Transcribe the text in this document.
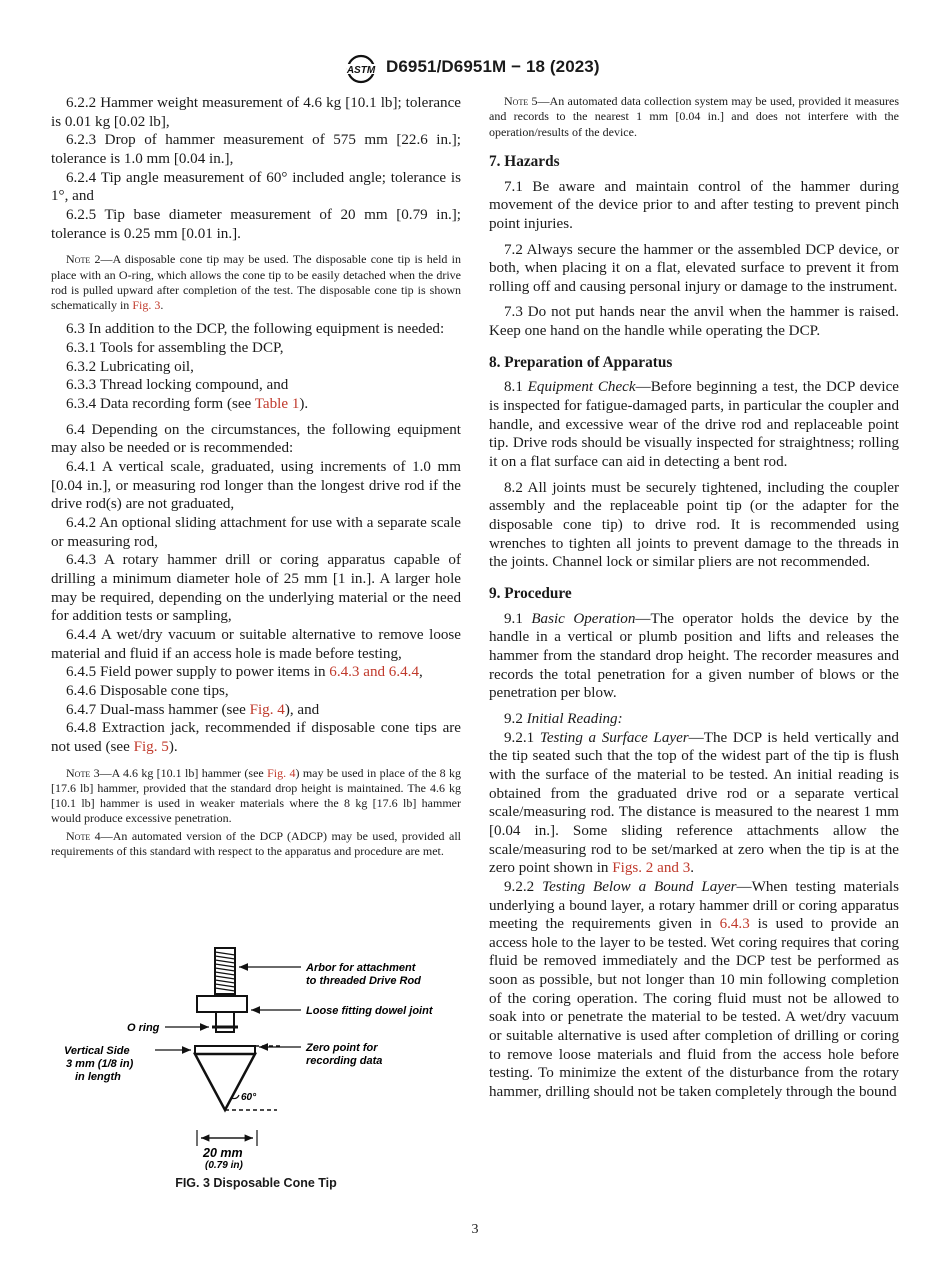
ASTM D6951/D6951M − 18 (2023)

6.2.2 Hammer weight measurement of 4.6 kg [10.1 lb]; tolerance is 0.01 kg [0.02 lb],

6.2.3 Drop of hammer measurement of 575 mm [22.6 in.]; tolerance is 1.0 mm [0.04 in.],

6.2.4 Tip angle measurement of 60° included angle; tolerance is 1°, and

6.2.5 Tip base diameter measurement of 20 mm [0.79 in.]; tolerance is 0.25 mm [0.01 in.].

Note 2—A disposable cone tip may be used. The disposable cone tip is held in place with an O-ring, which allows the cone tip to be easily detached when the drive rod is pulled upward after completion of the test. The disposable cone tip is shown schematically in Fig. 3.

6.3 In addition to the DCP, the following equipment is needed:

6.3.1 Tools for assembling the DCP,

6.3.2 Lubricating oil,

6.3.3 Thread locking compound, and

6.3.4 Data recording form (see Table 1).

6.4 Depending on the circumstances, the following equipment may also be needed or is recommended:

6.4.1 A vertical scale, graduated, using increments of 1.0 mm [0.04 in.], or measuring rod longer than the longest drive rod if the drive rod(s) are not graduated,

6.4.2 An optional sliding attachment for use with a separate scale or measuring rod,

6.4.3 A rotary hammer drill or coring apparatus capable of drilling a minimum diameter hole of 25 mm [1 in.]. A larger hole may be required, depending on the underlying material or the need for addition tests or sampling,

6.4.4 A wet/dry vacuum or suitable alternative to remove loose material and fluid if an access hole is made before testing,

6.4.5 Field power supply to power items in 6.4.3 and 6.4.4,

6.4.6 Disposable cone tips,

6.4.7 Dual-mass hammer (see Fig. 4), and

6.4.8 Extraction jack, recommended if disposable cone tips are not used (see Fig. 5).

Note 3—A 4.6 kg [10.1 lb] hammer (see Fig. 4) may be used in place of the 8 kg [17.6 lb] hammer, provided that the standard drop height is maintained. The 4.6 kg [10.1 lb] hammer is used in weaker materials where the 8 kg [17.6 lb] hammer would produce excessive penetration.

Note 4—An automated version of the DCP (ADCP) may be used, provided all requirements of this standard with respect to the apparatus and procedure are met.

Note 5—An automated data collection system may be used, provided it measures and records to the nearest 1 mm [0.04 in.] and does not interfere with the operation/results of the device.

7. Hazards

7.1 Be aware and maintain control of the hammer during movement of the device prior to and after testing to prevent pinch point injuries.

7.2 Always secure the hammer or the assembled DCP device, or both, when placing it on a flat, elevated surface to prevent it from rolling off and causing personal injury or damage to the instrument.

7.3 Do not put hands near the anvil when the hammer is raised. Keep one hand on the handle while operating the DCP.

8. Preparation of Apparatus

8.1 Equipment Check—Before beginning a test, the DCP device is inspected for fatigue-damaged parts, in particular the coupler and handle, and excessive wear of the drive rod and replaceable point tip. Drive rods should be visually inspected for straightness; rolling it on a flat surface can aid in detecting a bent rod.

8.2 All joints must be securely tightened, including the coupler assembly and the replaceable point tip (or the adapter for the disposable cone tip) to drive rod. It is recommended using wrenches to tighten all joints to prevent damage to the threads in the joints. Channel lock or similar pliers are not recommended.

9. Procedure

9.1 Basic Operation—The operator holds the device by the handle in a vertical or plumb position and lifts and releases the hammer from the standard drop height. The recorder measures and records the total penetration for a given number of blows or the penetration per blow.

9.2 Initial Reading:

9.2.1 Testing a Surface Layer—The DCP is held vertically and the tip seated such that the top of the widest part of the tip is flush with the surface of the material to be tested. An initial reading is obtained from the graduated drive rod or a separate vertical scale/measuring rod. The distance is measured to the nearest 1 mm [0.04 in.]. Some sliding reference attachments allow the scale/measuring rod to be set/marked at zero when the tip is at the zero point shown in Figs. 2 and 3.

9.2.2 Testing Below a Bound Layer—When testing materials underlying a bound layer, a rotary hammer drill or coring apparatus meeting the requirements given in 6.4.3 is used to provide an access hole to the layer to be tested. Wet coring requires that coring fluid be removed immediately and the DCP test be performed as soon as possible, but not longer than 10 min following completion of the coring operation. The coring fluid must not be allowed to soak into or penetrate the material to be tested. A wet/dry vacuum or suitable alternative is used after completion of drilling or coring to remove loose materials and fluid from the access hole before testing. To minimize the extent of the disturbance from the rotary hammer, drilling should not be taken completely through the bound

Arbor for attachment
to threaded Drive Rod
Loose fitting dowel joint
O ring
Zero point for
recording data
Vertical Side
3 mm (1/8 in)
in length
60°
20 mm
(0.79 in)
FIG. 3 Disposable Cone Tip
3
